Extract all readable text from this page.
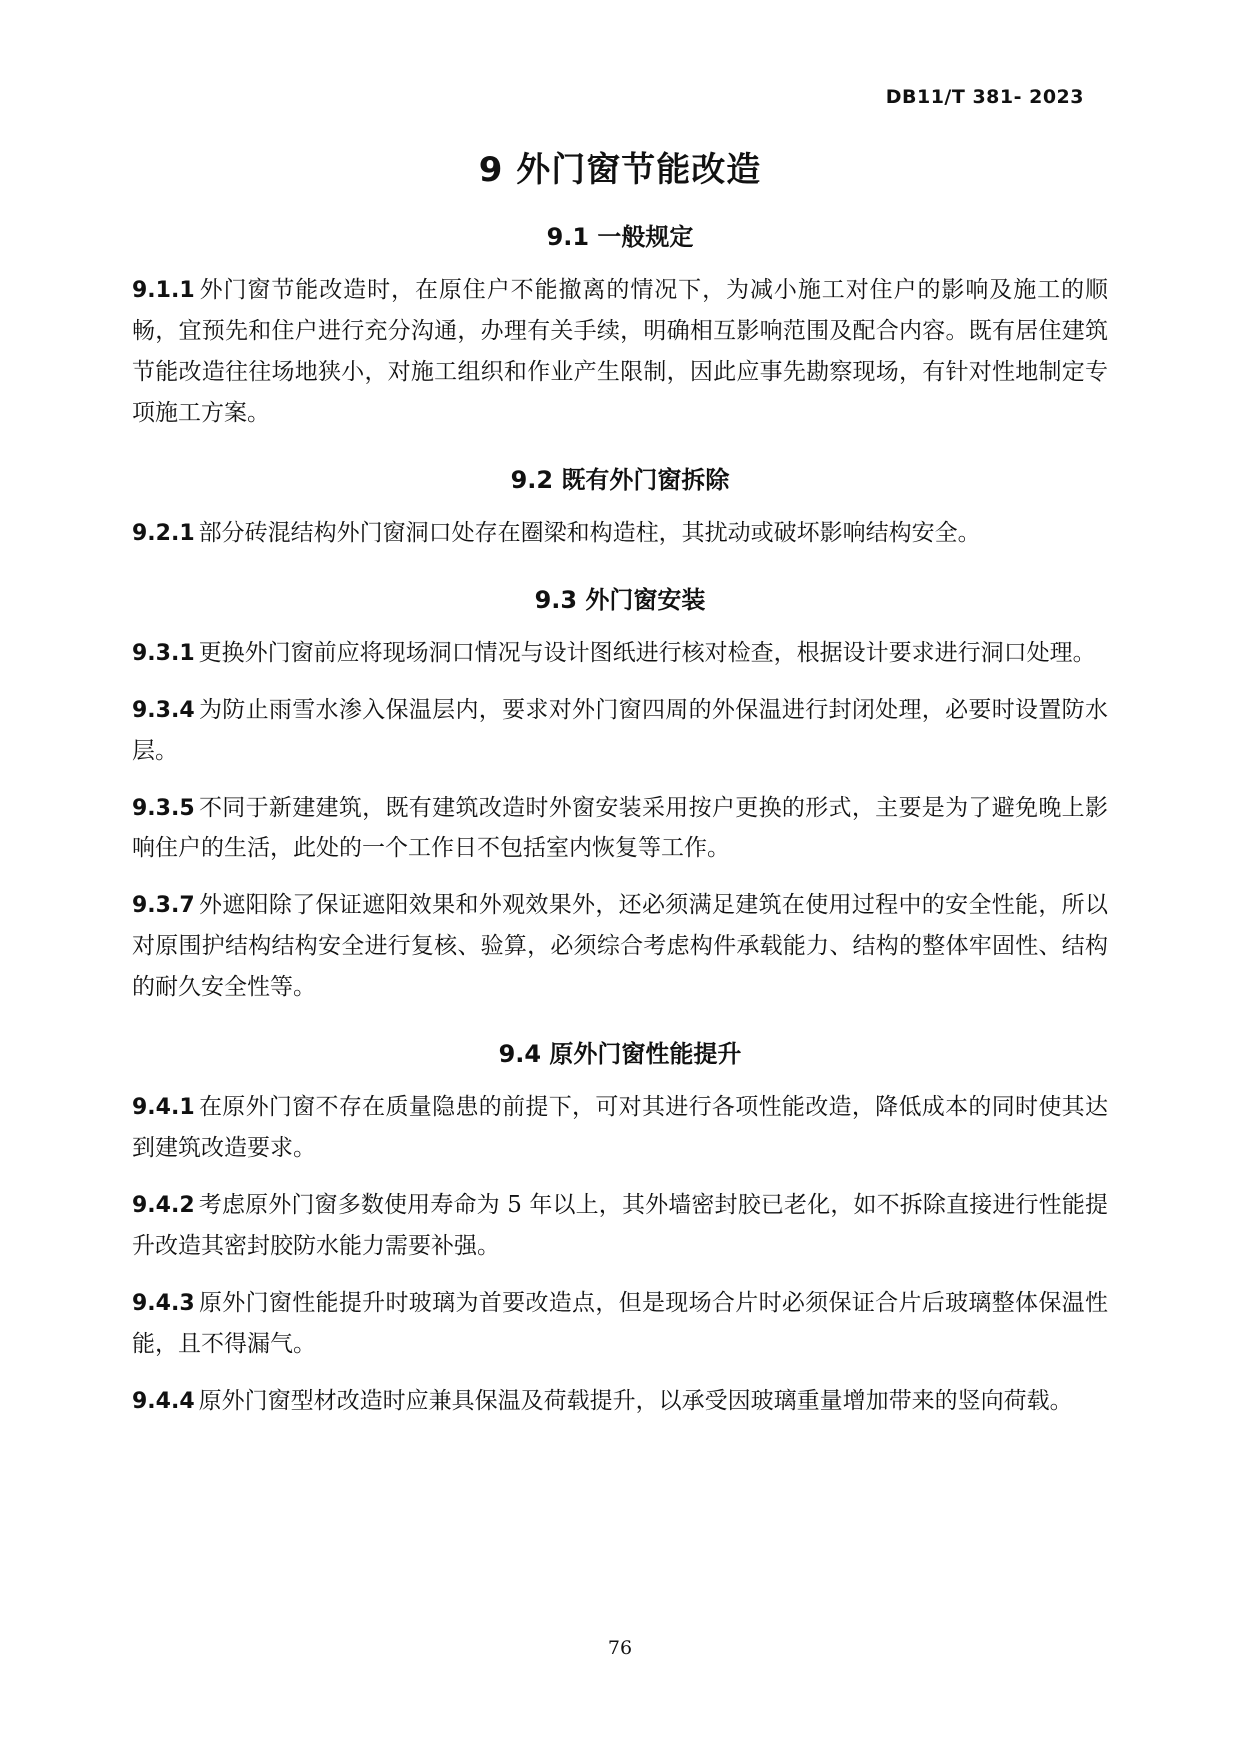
DB11/T 381- 2023
9 外门窗节能改造
9.1 一般规定

9.1.1 外门窗节能改造时，在原住户不能撤离的情况下，为减小施工对住户的影响及施工的顺畅，宜预先和住户进行充分沟通，办理有关手续，明确相互影响范围及配合内容。既有居住建筑节能改造往往场地狭小，对施工组织和作业产生限制，因此应事先勘察现场，有针对性地制定专项施工方案。

9.2 既有外门窗拆除

9.2.1 部分砖混结构外门窗洞口处存在圈梁和构造柱，其扰动或破坏影响结构安全。

9.3 外门窗安装

9.3.1 更换外门窗前应将现场洞口情况与设计图纸进行核对检查，根据设计要求进行洞口处理。

9.3.4 为防止雨雪水渗入保温层内，要求对外门窗四周的外保温进行封闭处理，必要时设置防水层。

9.3.5 不同于新建建筑，既有建筑改造时外窗安装采用按户更换的形式，主要是为了避免晚上影响住户的生活，此处的一个工作日不包括室内恢复等工作。

9.3.7 外遮阳除了保证遮阳效果和外观效果外，还必须满足建筑在使用过程中的安全性能，所以对原围护结构结构安全进行复核、验算，必须综合考虑构件承载能力、结构的整体牢固性、结构的耐久安全性等。

9.4 原外门窗性能提升

9.4.1 在原外门窗不存在质量隐患的前提下，可对其进行各项性能改造，降低成本的同时使其达到建筑改造要求。

9.4.2 考虑原外门窗多数使用寿命为 5 年以上，其外墙密封胶已老化，如不拆除直接进行性能提升改造其密封胶防水能力需要补强。

9.4.3 原外门窗性能提升时玻璃为首要改造点，但是现场合片时必须保证合片后玻璃整体保温性能，且不得漏气。

9.4.4 原外门窗型材改造时应兼具保温及荷载提升，以承受因玻璃重量增加带来的竖向荷载。

76
